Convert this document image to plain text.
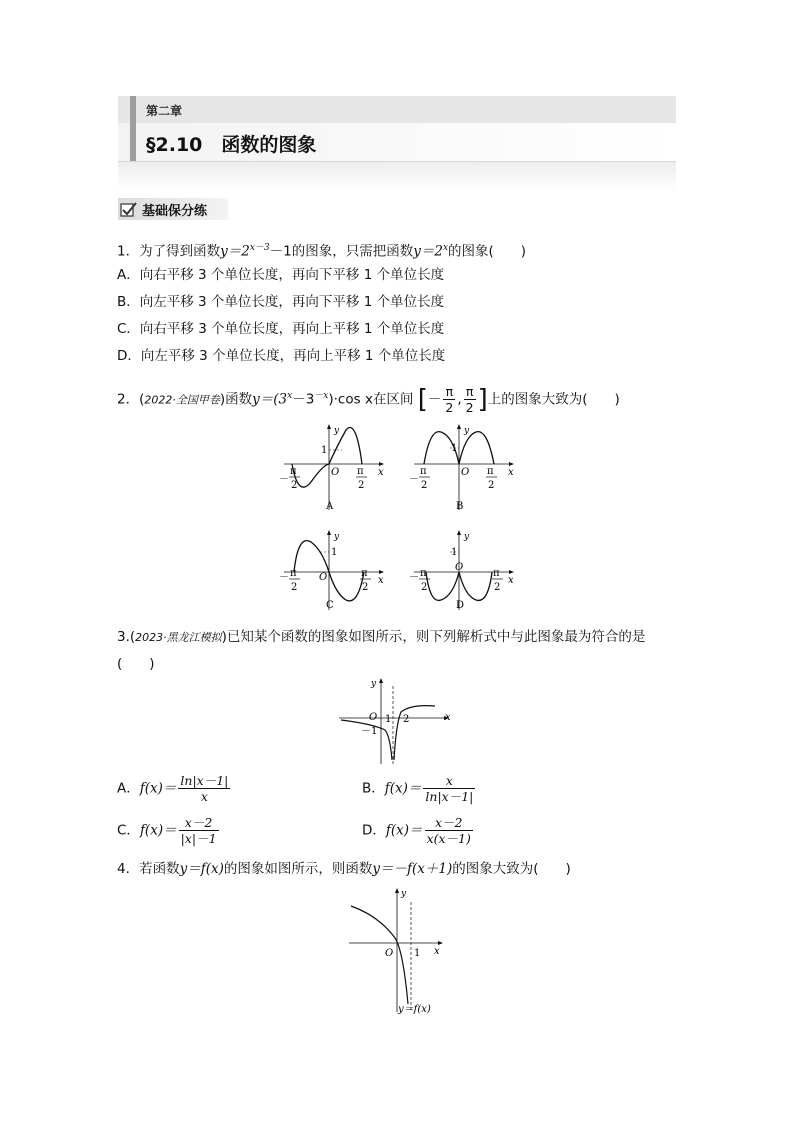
第二章
§2.10　函数的图象
基础保分练
1．为了得到函数$y=2^{x-3}-1$的图象，只需把函数$y=2^x$的图象(　　)
A．向右平移 3 个单位长度，再向下平移 1 个单位长度
B．向左平移 3 个单位长度，再向下平移 1 个单位长度
C．向右平移 3 个单位长度，再向上平移 1 个单位长度
D．向左平移 3 个单位长度，再向上平移 1 个单位长度
2．(2022·全国甲卷)函数$y=(3^x-3^{-x})\cdot\cos$ x在区间 [－ $\frac{\pi}{2}$ , $\frac{\pi}{2}$ ]上的图象大致为(　　)
y
1
O	x
－
π
2
π
2
A
y
1
O	x
－
π
2
π
2
B
y
1
O	x
－ π
2
π
2
C
y
1
O
x
－ π
2
π
2
D
3.(2023·黑龙江模拟)已知某个函数的图象如图所示，则下列解析式中与此图象最为符合的是
(　　)
y
O 1 2
－1
x
A．$f(x)= \frac{\ln|x-1|}{x}$	B．$f(x)= \frac{x}{\ln|x-1|}$
C．$f(x)= \frac{x-2}{|x|-1}$	D．$f(x)= \frac{x-2}{x(x-1)}$
4．若函数y＝f(x)的图象如图所示，则函数y＝－f(x＋1)的图象大致为(　　)
y
O 1 x
y＝f(x)
